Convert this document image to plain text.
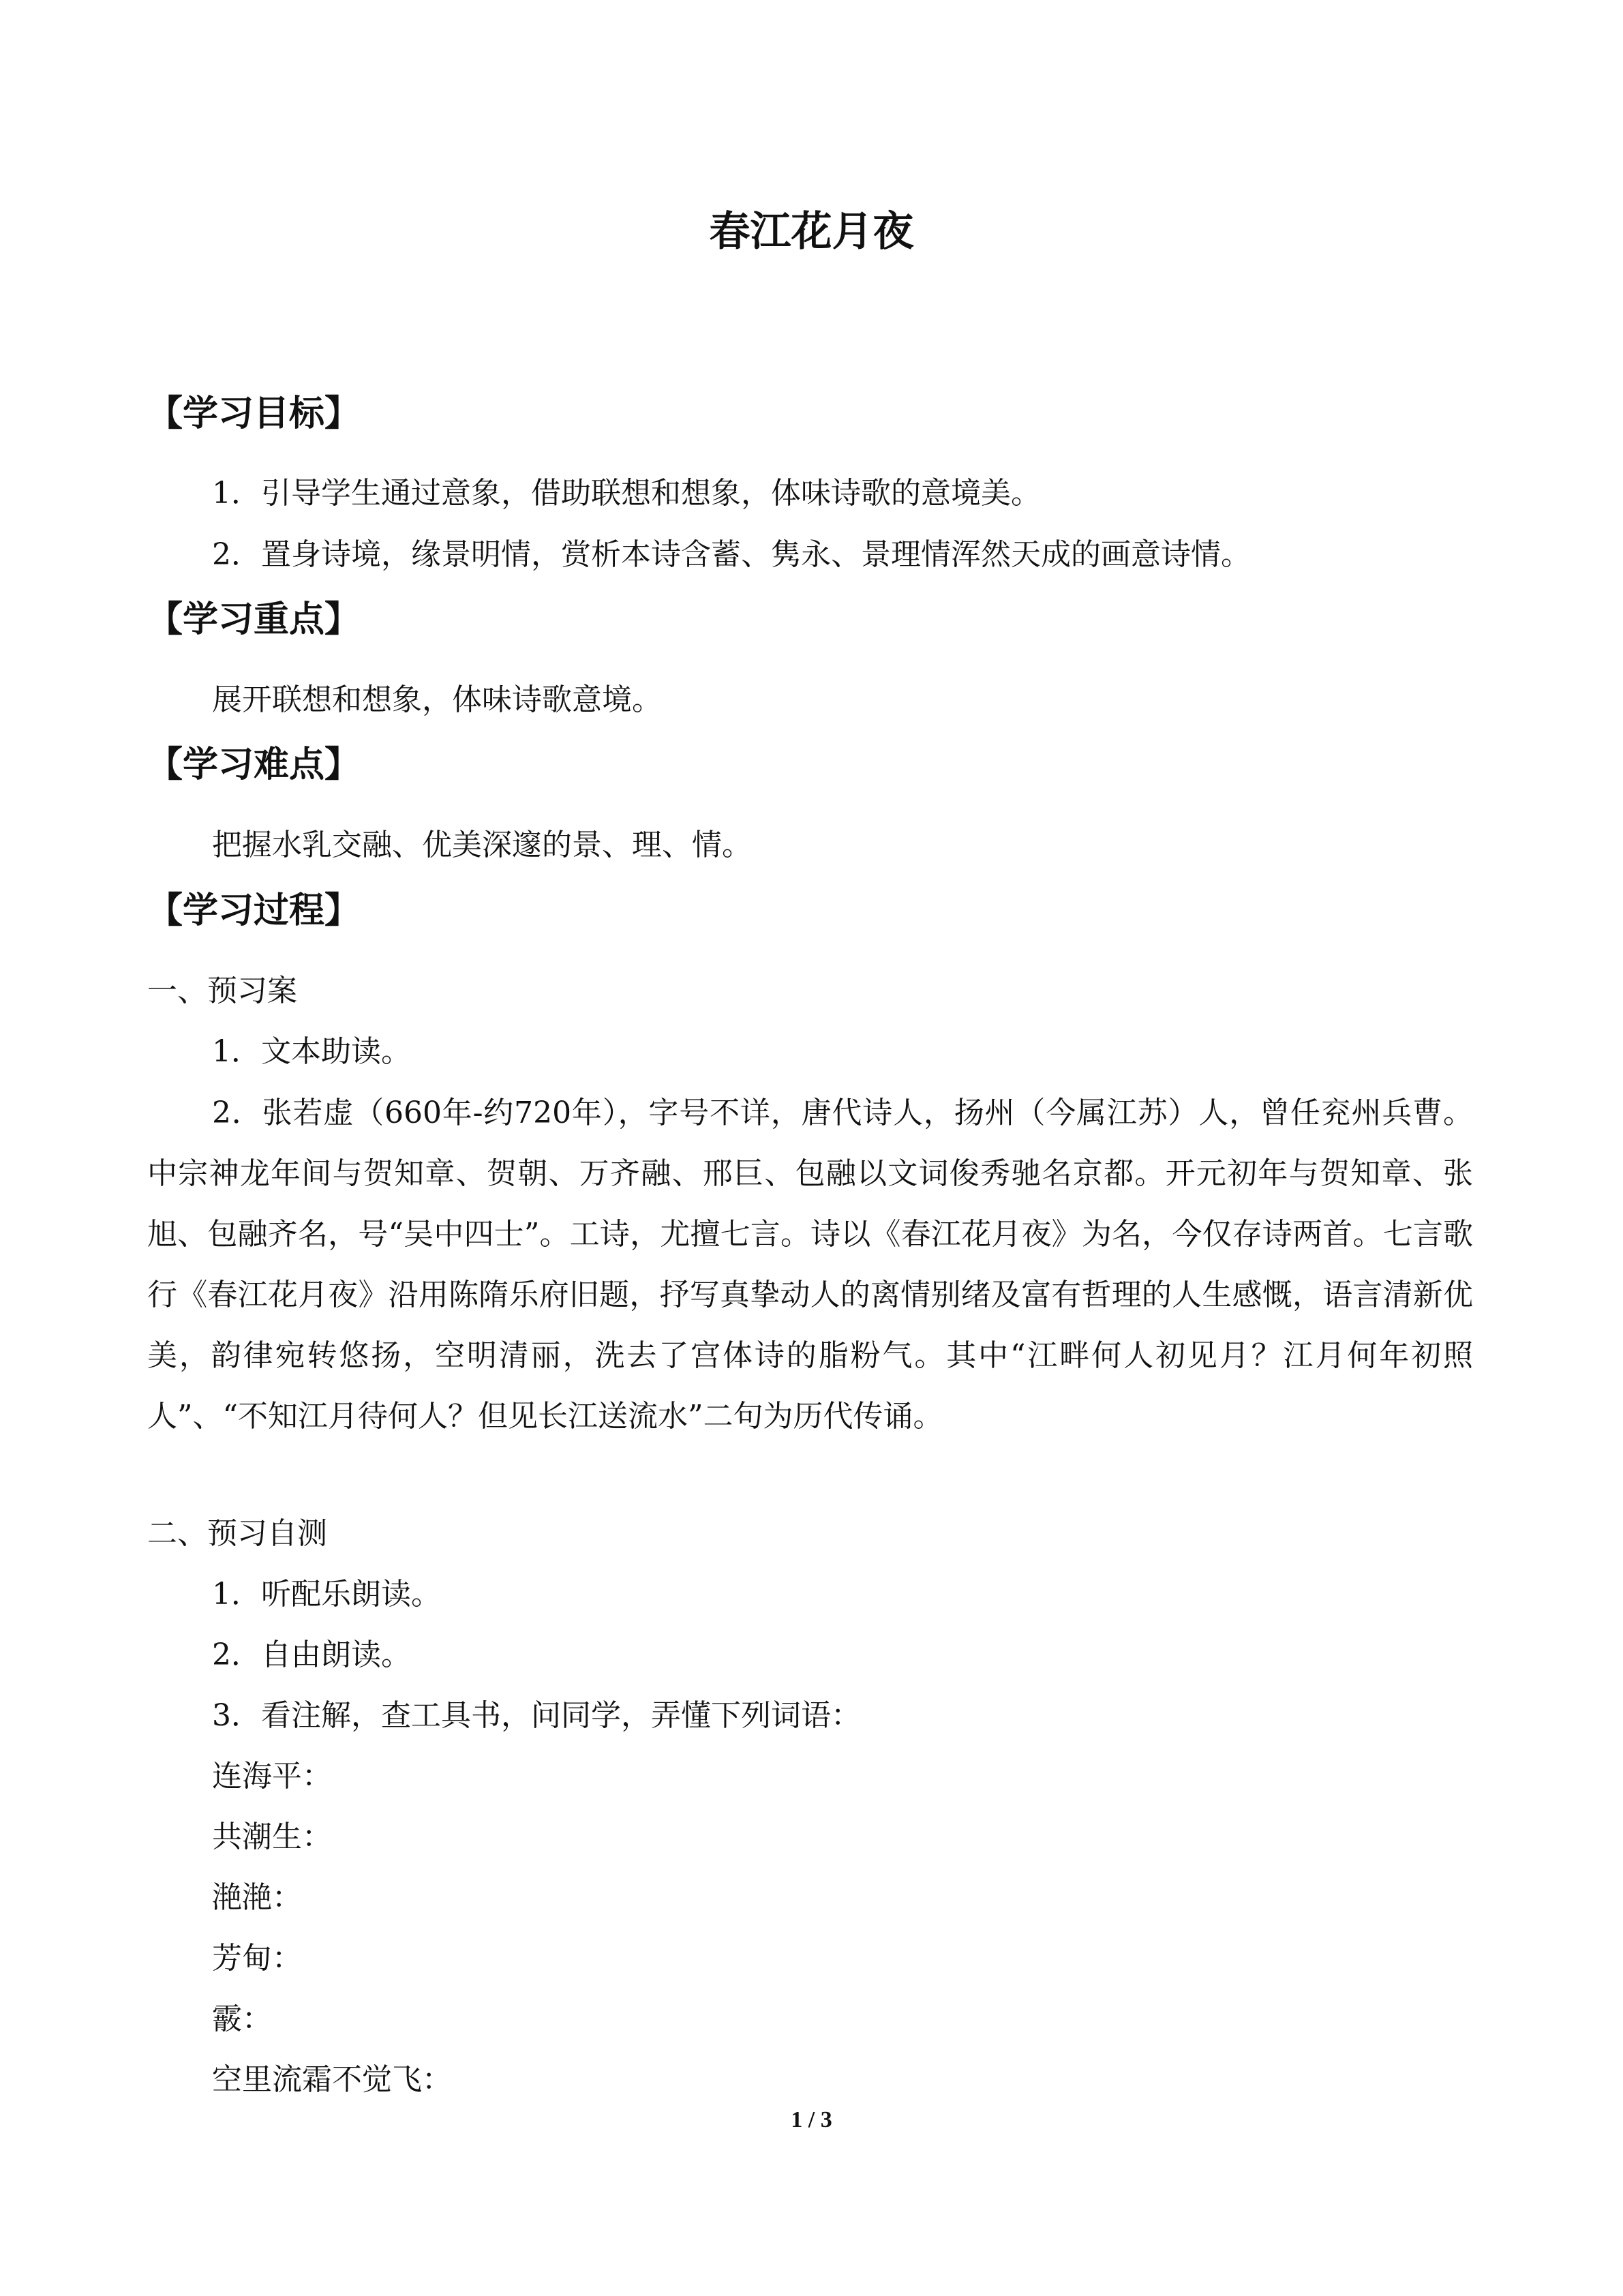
春江花月夜
【学习目标】
1．引导学生通过意象，借助联想和想象，体味诗歌的意境美。
2．置身诗境，缘景明情，赏析本诗含蓄、隽永、景理情浑然天成的画意诗情。
【学习重点】
展开联想和想象，体味诗歌意境。
【学习难点】
把握水乳交融、优美深邃的景、理、情。
【学习过程】
一、预习案
1．文本助读。
2．张若虚（660年-约720年），字号不详，唐代诗人，扬州（今属江苏）人，曾任兖州兵曹。中宗神龙年间与贺知章、贺朝、万齐融、邢巨、包融以文词俊秀驰名京都。开元初年与贺知章、张旭、包融齐名，号“吴中四士”。工诗，尤擅七言。诗以《春江花月夜》为名，今仅存诗两首。七言歌行《春江花月夜》沿用陈隋乐府旧题，抒写真挚动人的离情别绪及富有哲理的人生感慨，语言清新优美，韵律宛转悠扬，空明清丽，洗去了宫体诗的脂粉气。其中“江畔何人初见月？江月何年初照人”、“不知江月待何人？但见长江送流水”二句为历代传诵。
二、预习自测
1．听配乐朗读。
2．自由朗读。
3．看注解，查工具书，问同学，弄懂下列词语：
连海平：
共潮生：
滟滟：
芳甸：
霰：
空里流霜不觉飞：
1 / 3
